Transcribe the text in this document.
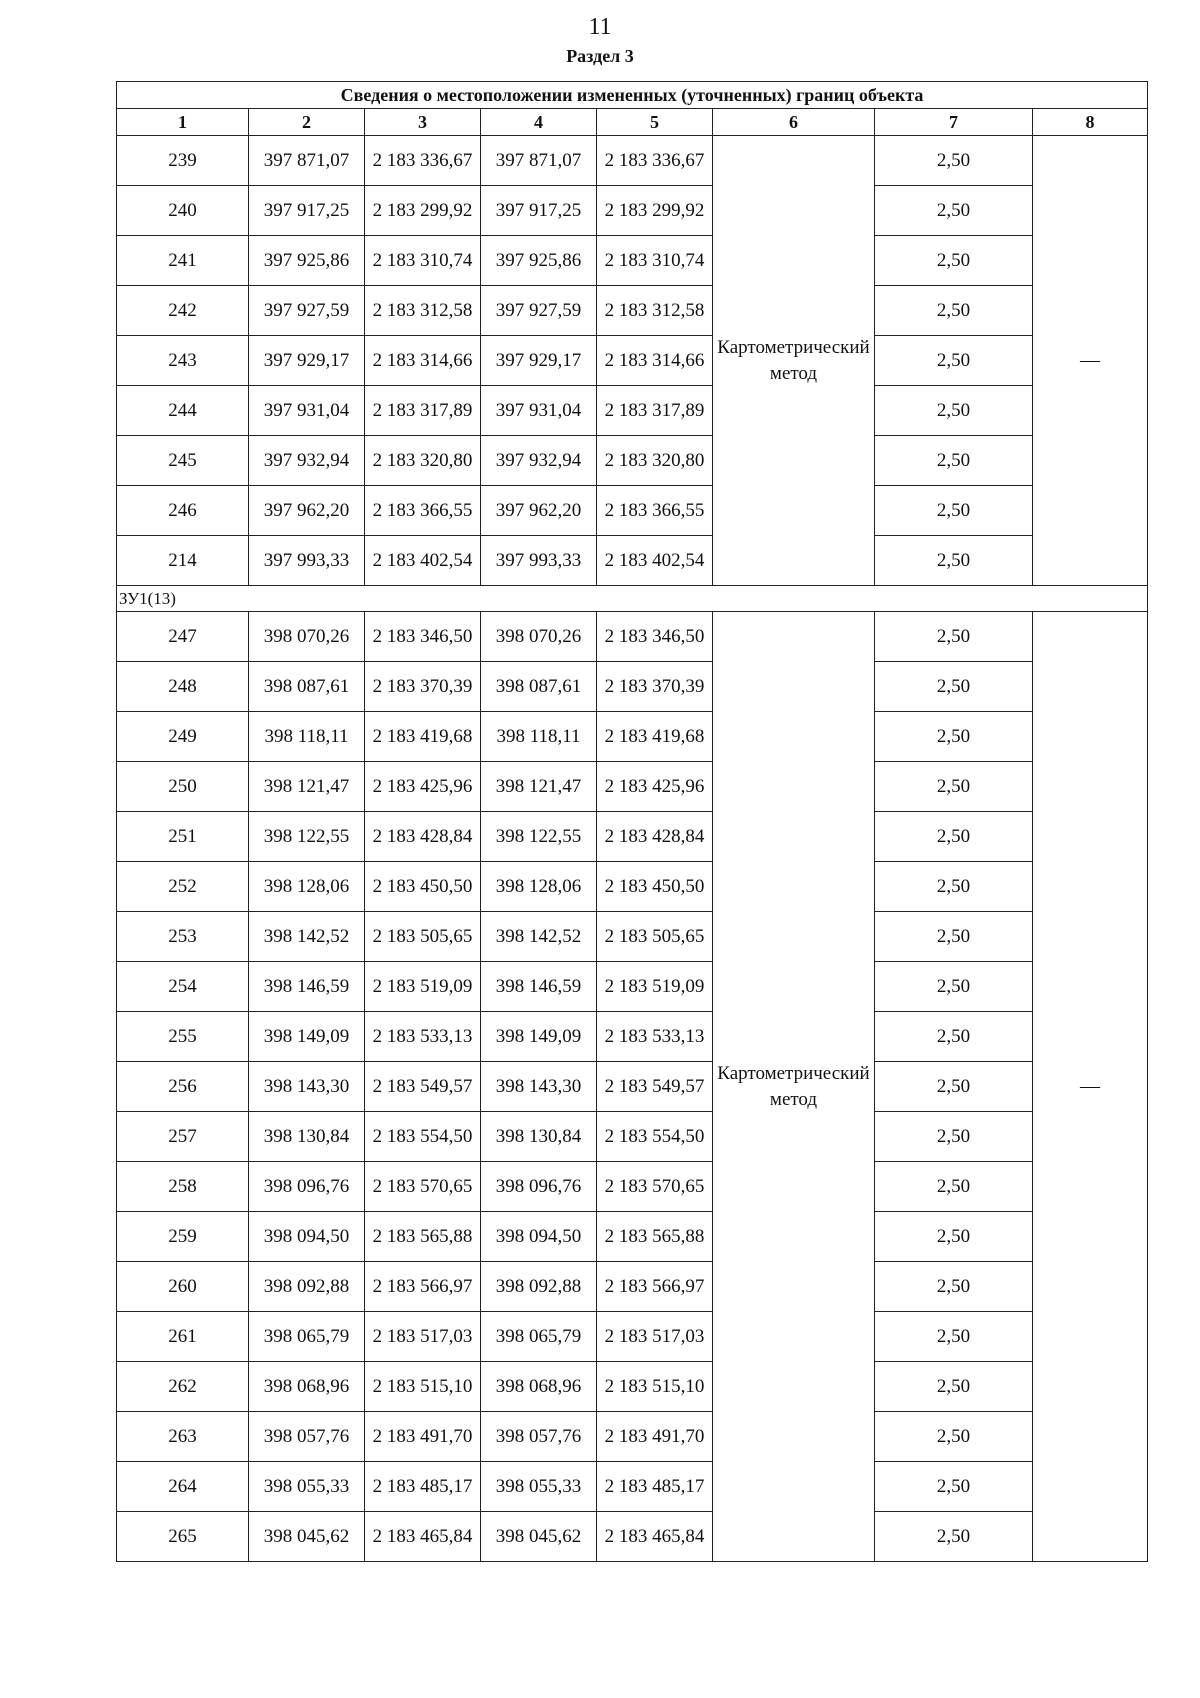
11
Раздел 3
Сведения о местоположении измененных (уточненных) границ объекта							
1	2	3	4	5	6	7	8
239	397 871,07	2 183 336,67	397 871,07	2 183 336,67	Картометрический метод	2,50	—
240	397 917,25	2 183 299,92	397 917,25	2 183 299,92		2,50	
241	397 925,86	2 183 310,74	397 925,86	2 183 310,74		2,50	
242	397 927,59	2 183 312,58	397 927,59	2 183 312,58		2,50	
243	397 929,17	2 183 314,66	397 929,17	2 183 314,66		2,50	
244	397 931,04	2 183 317,89	397 931,04	2 183 317,89		2,50	
245	397 932,94	2 183 320,80	397 932,94	2 183 320,80		2,50	
246	397 962,20	2 183 366,55	397 962,20	2 183 366,55		2,50	
214	397 993,33	2 183 402,54	397 993,33	2 183 402,54		2,50	
ЗУ1(13)							
247	398 070,26	2 183 346,50	398 070,26	2 183 346,50	Картометрический метод	2,50	—
248	398 087,61	2 183 370,39	398 087,61	2 183 370,39		2,50	
249	398 118,11	2 183 419,68	398 118,11	2 183 419,68		2,50	
250	398 121,47	2 183 425,96	398 121,47	2 183 425,96		2,50	
251	398 122,55	2 183 428,84	398 122,55	2 183 428,84		2,50	
252	398 128,06	2 183 450,50	398 128,06	2 183 450,50		2,50	
253	398 142,52	2 183 505,65	398 142,52	2 183 505,65		2,50	
254	398 146,59	2 183 519,09	398 146,59	2 183 519,09		2,50	
255	398 149,09	2 183 533,13	398 149,09	2 183 533,13		2,50	
256	398 143,30	2 183 549,57	398 143,30	2 183 549,57		2,50	
257	398 130,84	2 183 554,50	398 130,84	2 183 554,50		2,50	
258	398 096,76	2 183 570,65	398 096,76	2 183 570,65		2,50	
259	398 094,50	2 183 565,88	398 094,50	2 183 565,88		2,50	
260	398 092,88	2 183 566,97	398 092,88	2 183 566,97		2,50	
261	398 065,79	2 183 517,03	398 065,79	2 183 517,03		2,50	
262	398 068,96	2 183 515,10	398 068,96	2 183 515,10		2,50	
263	398 057,76	2 183 491,70	398 057,76	2 183 491,70		2,50	
264	398 055,33	2 183 485,17	398 055,33	2 183 485,17		2,50	
265	398 045,62	2 183 465,84	398 045,62	2 183 465,84		2,50	
